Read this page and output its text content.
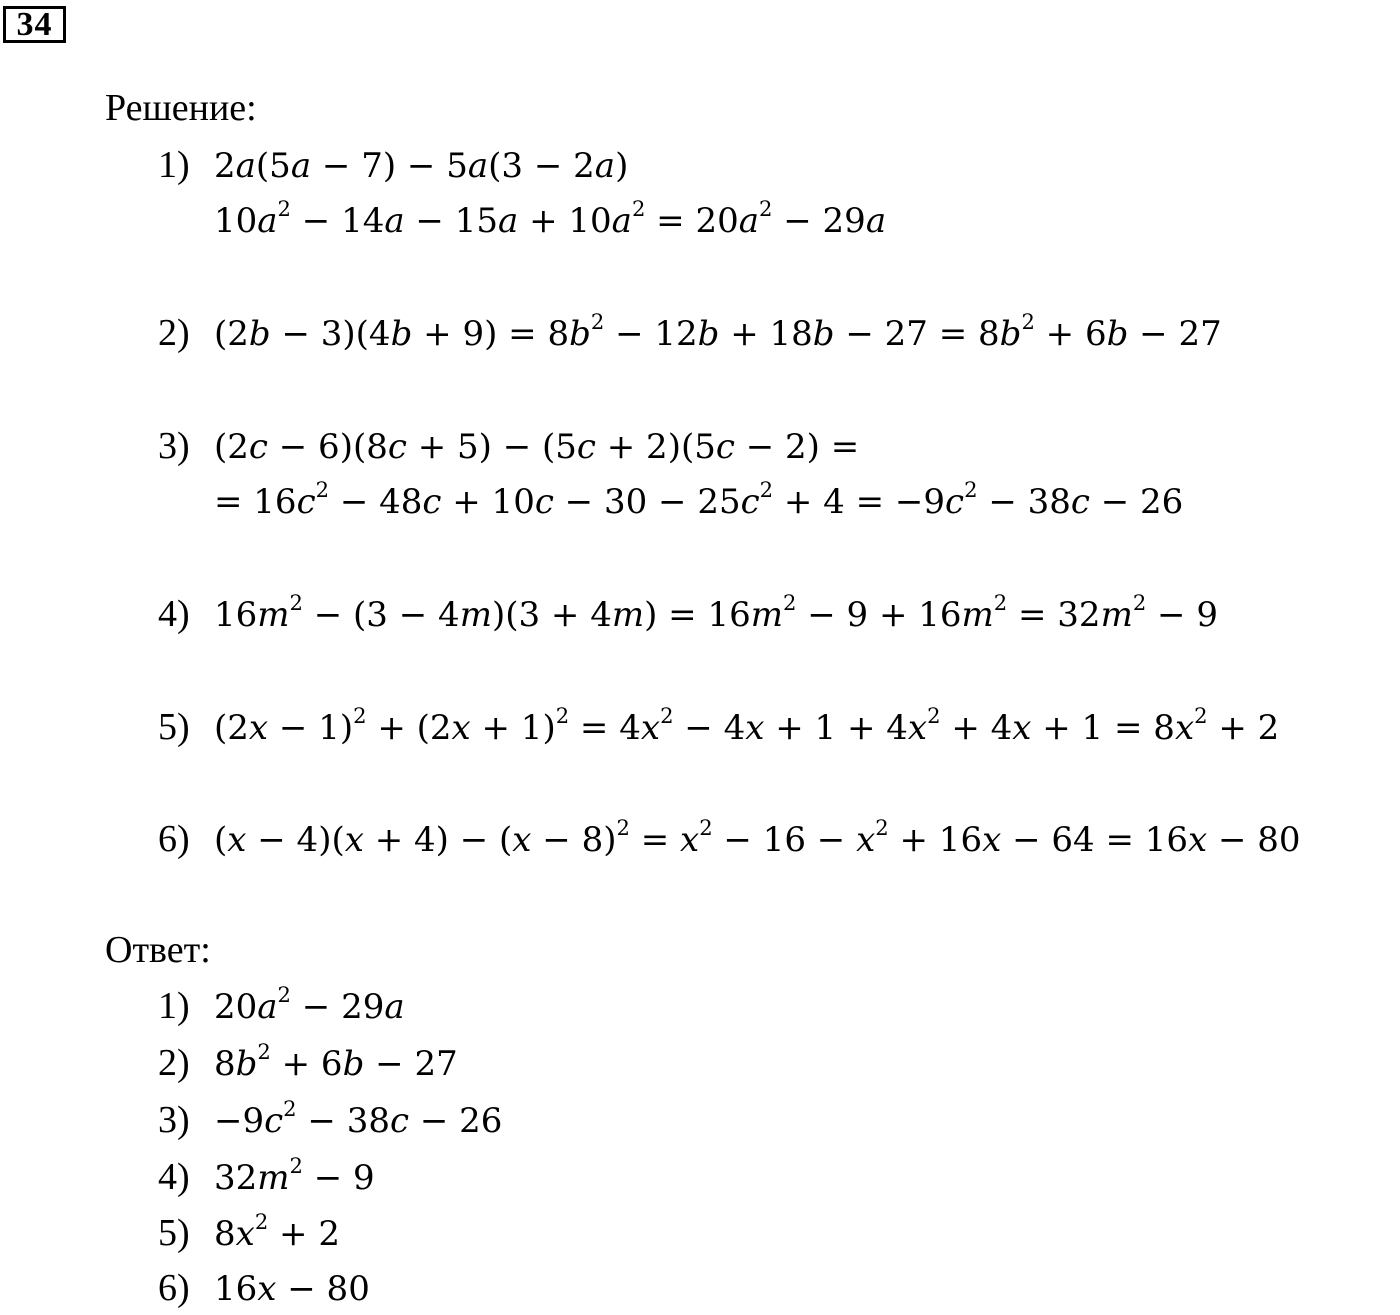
34
Решение:
1) 2a(5a − 7) − 5a(3 − 2a)
$10a^2 - 14a - 15a + 10a^2 = 20a^2 - 29a$
2) $(2b - 3)(4b + 9) = 8b^2 - 12b + 18b - 27 = 8b^2 + 6b - 27$
3) (2c − 6)(8c + 5) − (5c + 2)(5c − 2) =
= $16c^2 - 48c + 10c - 30 - 25c^2 + 4 = -9c^2 - 38c - 26$
4) $16m^2 - (3 - 4m)(3 + 4m) = 16m^2 - 9 + 16m^2 = 32m^2 - 9$
5) $(2x - 1)^2 + (2x + 1)^2 = 4x^2 - 4x + 1 + 4x^2 + 4x + 1 = 8x^2 + 2$
6) $(x - 4)(x + 4) - (x - 8)^2 = x^2 - 16 - x^2 + 16x - 64 = 16x - 80$
Ответ:
1) $20a^2 - 29a$
2) $8b^2 + 6b - 27$
$3) -9c^2 - 38c - 26$
4) $32m^2 - 9$
5) $8x^2 + 2$
6) 16x − 80
